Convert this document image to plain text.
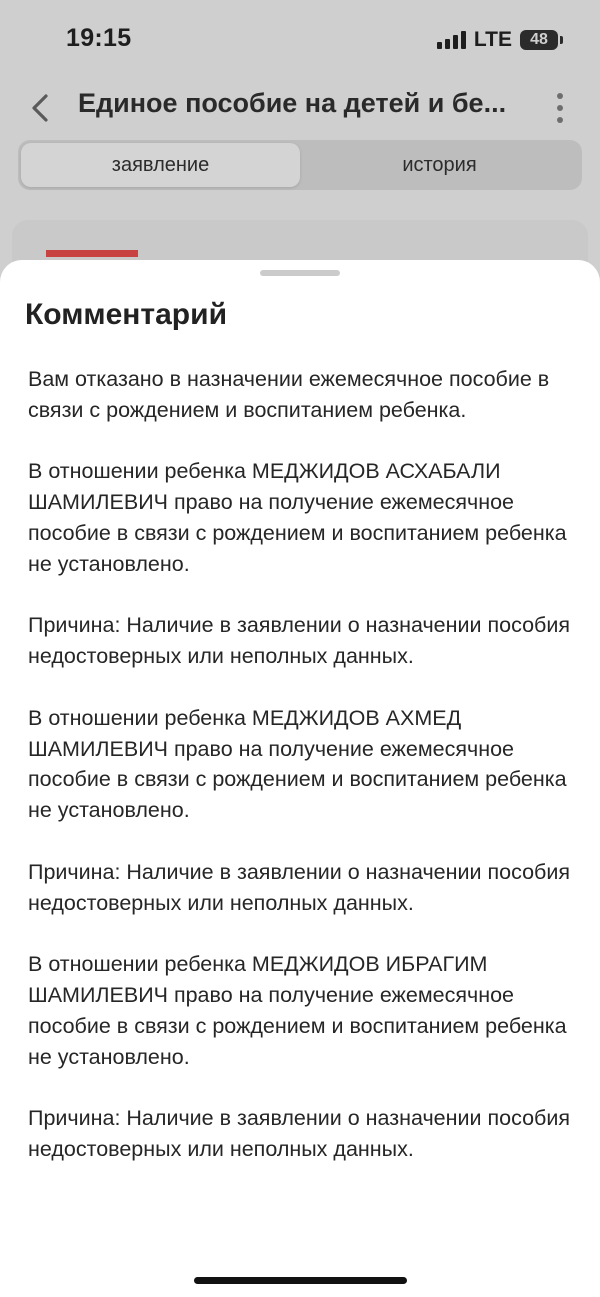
19:15	LTE 48
Единое пособие на детей и бе...
заявление	история
Комментарий

Вам отказано в назначении ежемесячное пособие в связи с рождением и воспитанием ребенка.

В отношении ребенка МЕДЖИДОВ АСХАБАЛИ ШАМИЛЕВИЧ право на получение ежемесячное пособие в связи с рождением и воспитанием ребенка не установлено.

Причина: Наличие в заявлении о назначении пособия недостоверных или неполных данных.

В отношении ребенка МЕДЖИДОВ АХМЕД ШАМИЛЕВИЧ право на получение ежемесячное пособие в связи с рождением и воспитанием ребенка не установлено.

Причина: Наличие в заявлении о назначении пособия недостоверных или неполных данных.

В отношении ребенка МЕДЖИДОВ ИБРАГИМ ШАМИЛЕВИЧ право на получение ежемесячное пособие в связи с рождением и воспитанием ребенка не установлено.

Причина: Наличие в заявлении о назначении пособия недостоверных или неполных данных.
